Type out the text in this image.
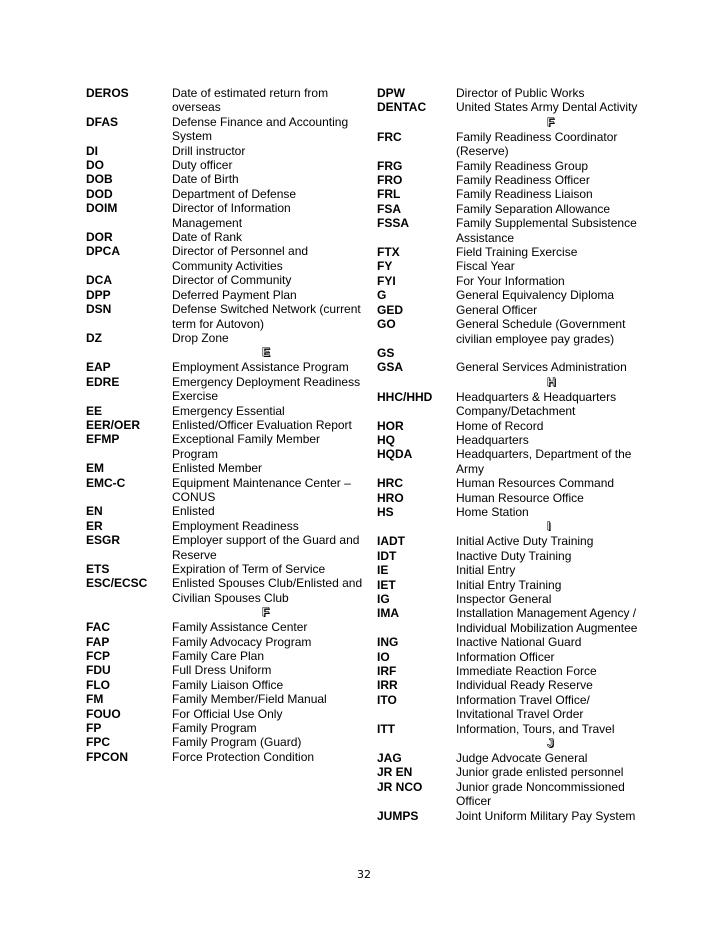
DEROS	Date of estimated return from overseas
DFAS	Defense Finance and Accounting System
DI	Drill instructor
DO	Duty officer
DOB	Date of Birth
DOD	Department of Defense
DOIM	Director of Information Management
DOR	Date of Rank
DPCA	Director of Personnel and Community Activities
DCA	Director of Community
DPP	Deferred Payment Plan
DSN	Defense Switched Network (current term for Autovon)
DZ	Drop Zone
E
EAP	Employment Assistance Program
EDRE	Emergency Deployment Readiness Exercise
EE	Emergency Essential
EER/OER	Enlisted/Officer Evaluation Report
EFMP	Exceptional Family Member Program
EM	Enlisted Member
EMC-C	Equipment Maintenance Center – CONUS
EN	Enlisted
ER	Employment Readiness
ESGR	Employer support of the Guard and Reserve
ETS	Expiration of Term of Service
ESC/ECSC Enlisted Spouses Club/Enlisted and Civilian Spouses Club
F
FAC	Family Assistance Center
FAP	Family Advocacy Program
FCP	Family Care Plan
FDU	Full Dress Uniform
FLO	Family Liaison Office
FM	Family Member/Field Manual
FOUO	For Official Use Only
FP	Family Program
FPC	Family Program (Guard)
FPCON	Force Protection Condition
DPW	Director of Public Works
DENTAC United States Army Dental Activity
F
FRC	Family Readiness Coordinator (Reserve)
FRG	Family Readiness Group
FRO	Family Readiness Officer
FRL	Family Readiness Liaison
FSA	Family Separation Allowance
FSSA	Family Supplemental Subsistence Assistance
FTX	Field Training Exercise
FY	Fiscal Year
FYI	For Your Information
G	General Equivalency Diploma
GED	General Officer
GO	General Schedule (Government civilian employee pay grades)
GS

GSA	General Services Administration
H
HHC/HHD Headquarters & Headquarters Company/Detachment
HOR	Home of Record
HQ	Headquarters
HQDA	Headquarters, Department of the Army
HRC	Human Resources Command
HRO	Human Resource Office
HS	Home Station
I
IADT	Initial Active Duty Training
IDT	Inactive Duty Training
IE	Initial Entry
IET	Initial Entry Training
IG	Inspector General
IMA	Installation Management Agency / Individual Mobilization Augmentee
ING	Inactive National Guard
IO	Information Officer
IRF	Immediate Reaction Force
IRR	Individual Ready Reserve
ITO	Information Travel Office/ Invitational Travel Order
ITT	Information, Tours, and Travel
J
JAG	Judge Advocate General
JR EN	Junior grade enlisted personnel
JR NCO	Junior grade Noncommissioned Officer
JUMPS	Joint Uniform Military Pay System
32
